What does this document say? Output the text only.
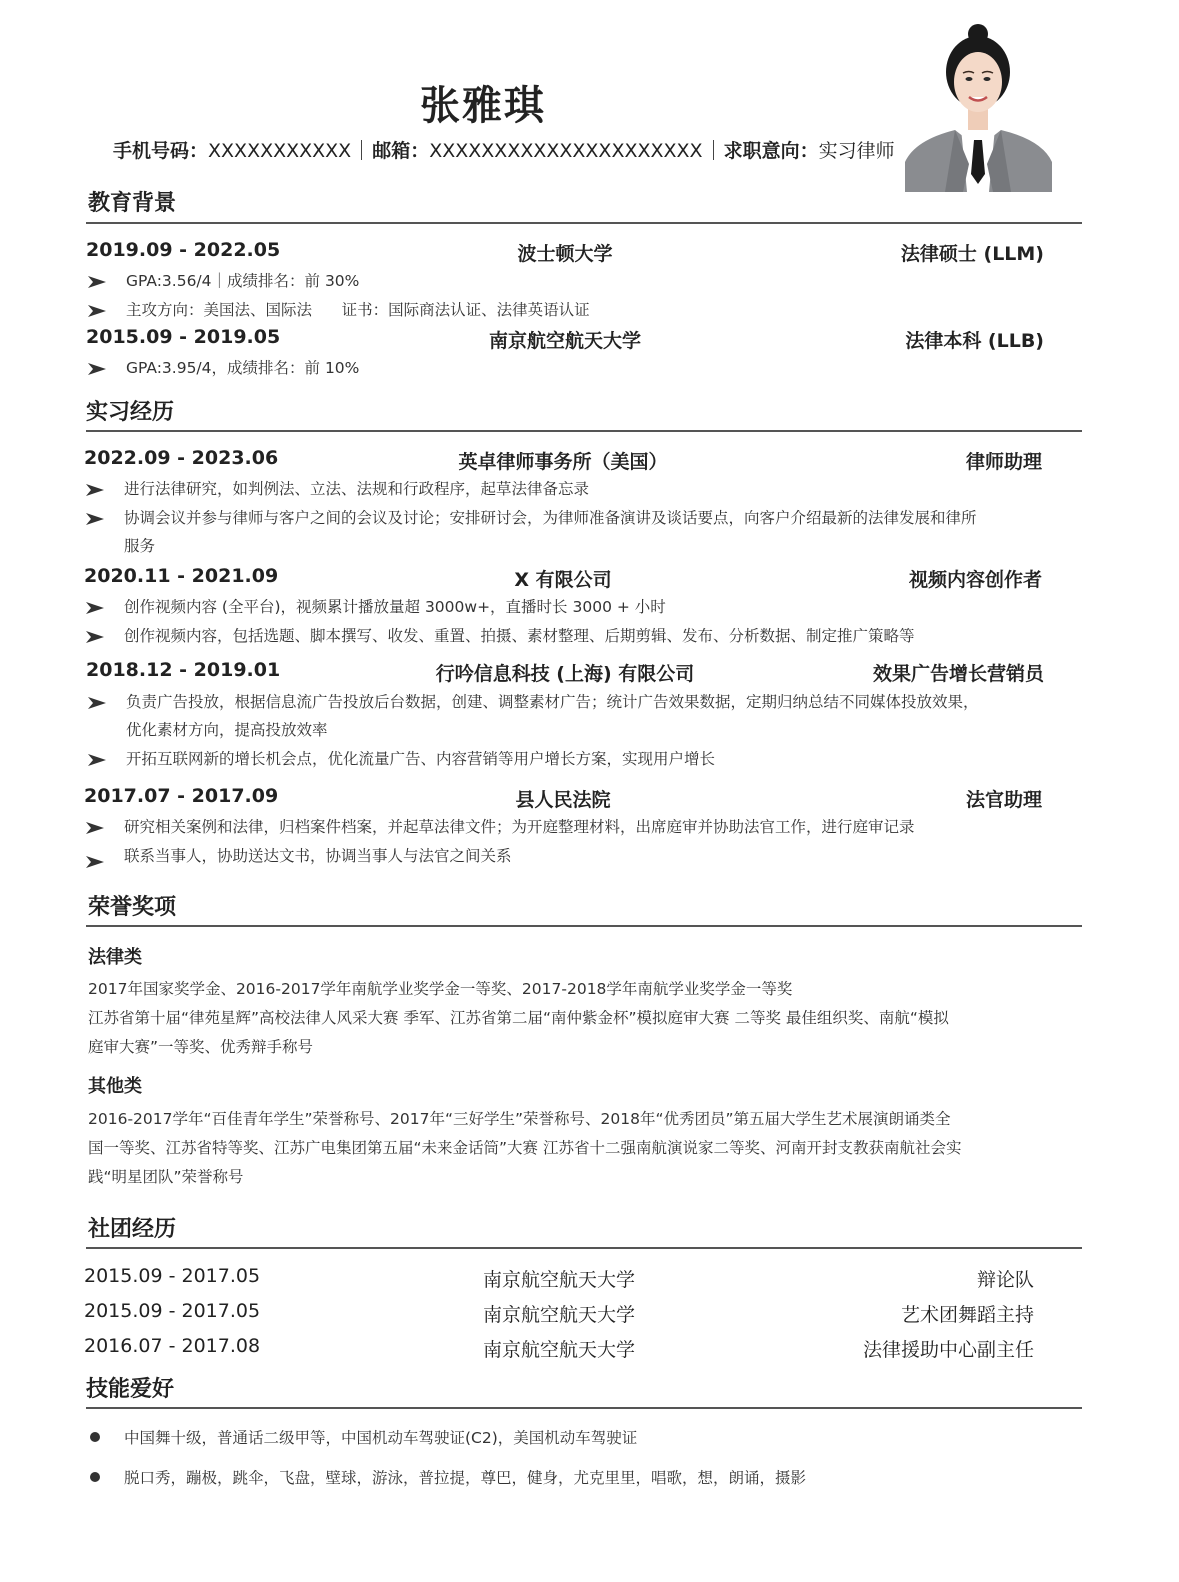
张雅琪
手机号码：XXXXXXXXXXX 邮箱：XXXXXXXXXXXXXXXXXXXXX 求职意向：实习律师
教育背景
2019.09 - 2022.05	波士顿大学	法律硕士 (LLM)
GPA:3.56/4｜成绩排名：前 30%
主攻方向：美国法、国际法      证书：国际商法认证、法律英语认证
2015.09 - 2019.05	南京航空航天大学	法律本科 (LLB)
GPA:3.95/4，成绩排名：前 10%
实习经历
2022.09 - 2023.06	英卓律师事务所（美国）	律师助理
进行法律研究，如判例法、立法、法规和行政程序，起草法律备忘录
协调会议并参与律师与客户之间的会议及讨论；安排研讨会，为律师准备演讲及谈话要点，向客户介绍最新的法律发展和律所
服务
2020.11 - 2021.09	X 有限公司	视频内容创作者
创作视频内容 (全平台)，视频累计播放量超 3000w+，直播时长 3000 + 小时
创作视频内容，包括选题、脚本撰写、收发、重置、拍摄、素材整理、后期剪辑、发布、分析数据、制定推广策略等
2018.12 - 2019.01	行吟信息科技 (上海) 有限公司	效果广告增长营销员
负责广告投放，根据信息流广告投放后台数据，创建、调整素材广告；统计广告效果数据，定期归纳总结不同媒体投放效果，
优化素材方向，提高投放效率
开拓互联网新的增长机会点，优化流量广告、内容营销等用户增长方案，实现用户增长
2017.07 - 2017.09	县人民法院	法官助理
研究相关案例和法律，归档案件档案，并起草法律文件；为开庭整理材料，出席庭审并协助法官工作，进行庭审记录
联系当事人，协助送达文书，协调当事人与法官之间关系
荣誉奖项
法律类
2017年国家奖学金、2016-2017学年南航学业奖学金一等奖、2017-2018学年南航学业奖学金一等奖
江苏省第十届“律苑星辉”高校法律人风采大赛 季军、江苏省第二届“南仲紫金杯”模拟庭审大赛 二等奖 最佳组织奖、南航“模拟
庭审大赛”一等奖、优秀辩手称号
其他类
2016-2017学年“百佳青年学生”荣誉称号、2017年“三好学生”荣誉称号、2018年“优秀团员”第五届大学生艺术展演朗诵类全
国一等奖、江苏省特等奖、江苏广电集团第五届“未来金话筒”大赛 江苏省十二强南航演说家二等奖、河南开封支教获南航社会实
践“明星团队”荣誉称号
社团经历
2015.09 - 2017.05	南京航空航天大学	辩论队
2015.09 - 2017.05	南京航空航天大学	艺术团舞蹈主持
2016.07 - 2017.08	南京航空航天大学	法律援助中心副主任
技能爱好
中国舞十级，普通话二级甲等，中国机动车驾驶证(C2)，美国机动车驾驶证
脱口秀，蹦极，跳伞，飞盘，壁球，游泳，普拉提，尊巴，健身，尤克里里，唱歌，想，朗诵，摄影
